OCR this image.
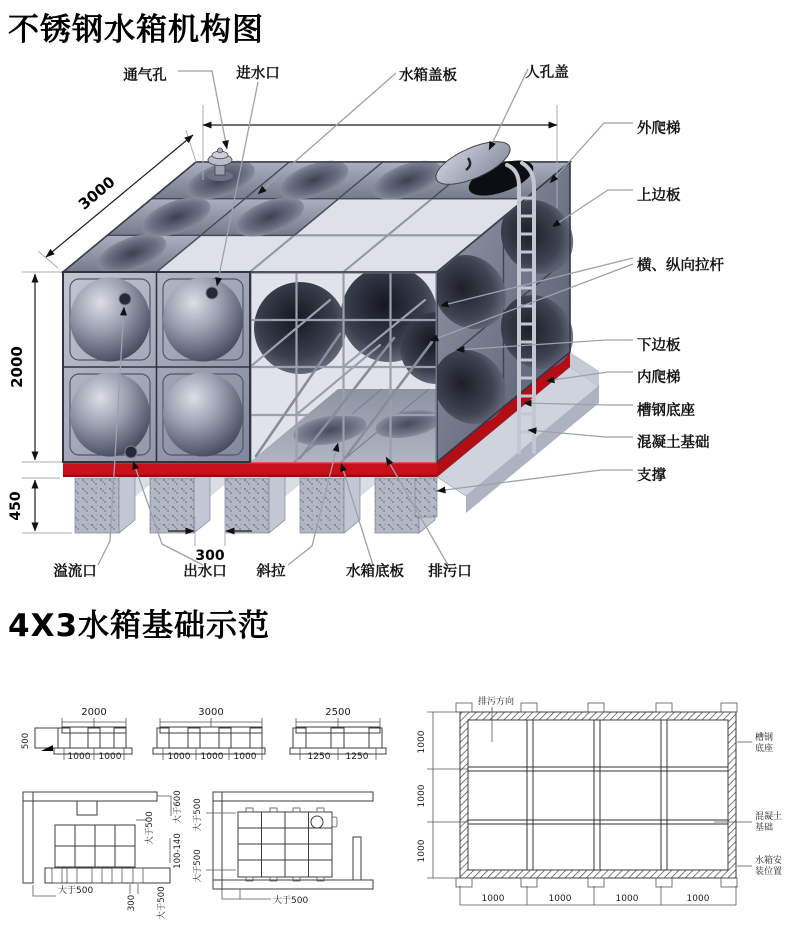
不锈钢水箱机构图
4X3水箱基础示范
3000
2000
450
300
通气孔	进水口	水箱盖板	人孔盖
外爬梯
上边板
横、纵向拉杆
下边板
内爬梯
槽钢底座
混凝土基础
支撑
溢流口	出水口 斜拉	水箱底板 排污口
2000
500
1000 1000
3000
1000 1000 1000
2500
1250 1250
大于600
大于500
100-140
大于500
300 大于500
大于500
大于500
大于500
排污方向
1000
1000
1000
1000	1000	1000	1000
槽钢
底座
混凝土
基础
水箱安
装位置
